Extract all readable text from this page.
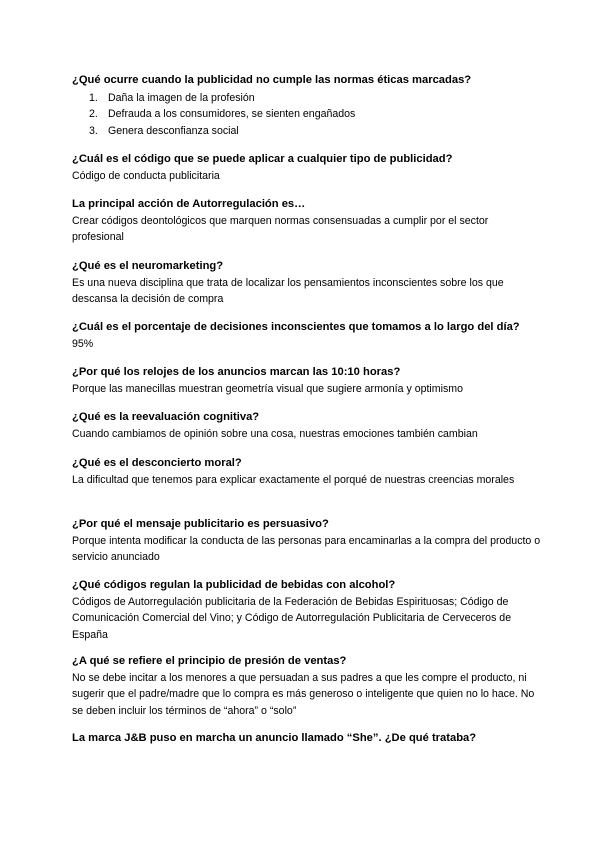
¿Qué ocurre cuando la publicidad no cumple las normas éticas marcadas?

1. Daña la imagen de la profesión
2. Defrauda a los consumidores, se sienten engañados
3. Genera desconfianza social

¿Cuál es el código que se puede aplicar a cualquier tipo de publicidad?

Código de conducta publicitaria

La principal acción de Autorregulación es…

Crear códigos deontológicos que marquen normas consensuadas a cumplir por el sector profesional

¿Qué es el neuromarketing?

Es una nueva disciplina que trata de localizar los pensamientos inconscientes sobre los que descansa la decisión de compra

¿Cuál es el porcentaje de decisiones inconscientes que tomamos a lo largo del día?

95%

¿Por qué los relojes de los anuncios marcan las 10:10 horas?

Porque las manecillas muestran geometría visual que sugiere armonía y optimismo

¿Qué es la reevaluación cognitiva?

Cuando cambiamos de opinión sobre una cosa, nuestras emociones también cambian

¿Qué es el desconcierto moral?

La dificultad que tenemos para explicar exactamente el porqué de nuestras creencias morales

¿Por qué el mensaje publicitario es persuasivo?

Porque intenta modificar la conducta de las personas para encaminarlas a la compra del producto o servicio anunciado

¿Qué códigos regulan la publicidad de bebidas con alcohol?

Códigos de Autorregulación publicitaria de la Federación de Bebidas Espirituosas; Código de Comunicación Comercial del Vino; y Código de Autorregulación Publicitaria de Cerveceros de España

¿A qué se refiere el principio de presión de ventas?

No se debe incitar a los menores a que persuadan a sus padres a que les compre el producto, ni sugerir que el padre/madre que lo compra es más generoso o inteligente que quien no lo hace. No se deben incluir los términos de “ahora” o “solo”

La marca J&B puso en marcha un anuncio llamado “She”. ¿De qué trataba?
